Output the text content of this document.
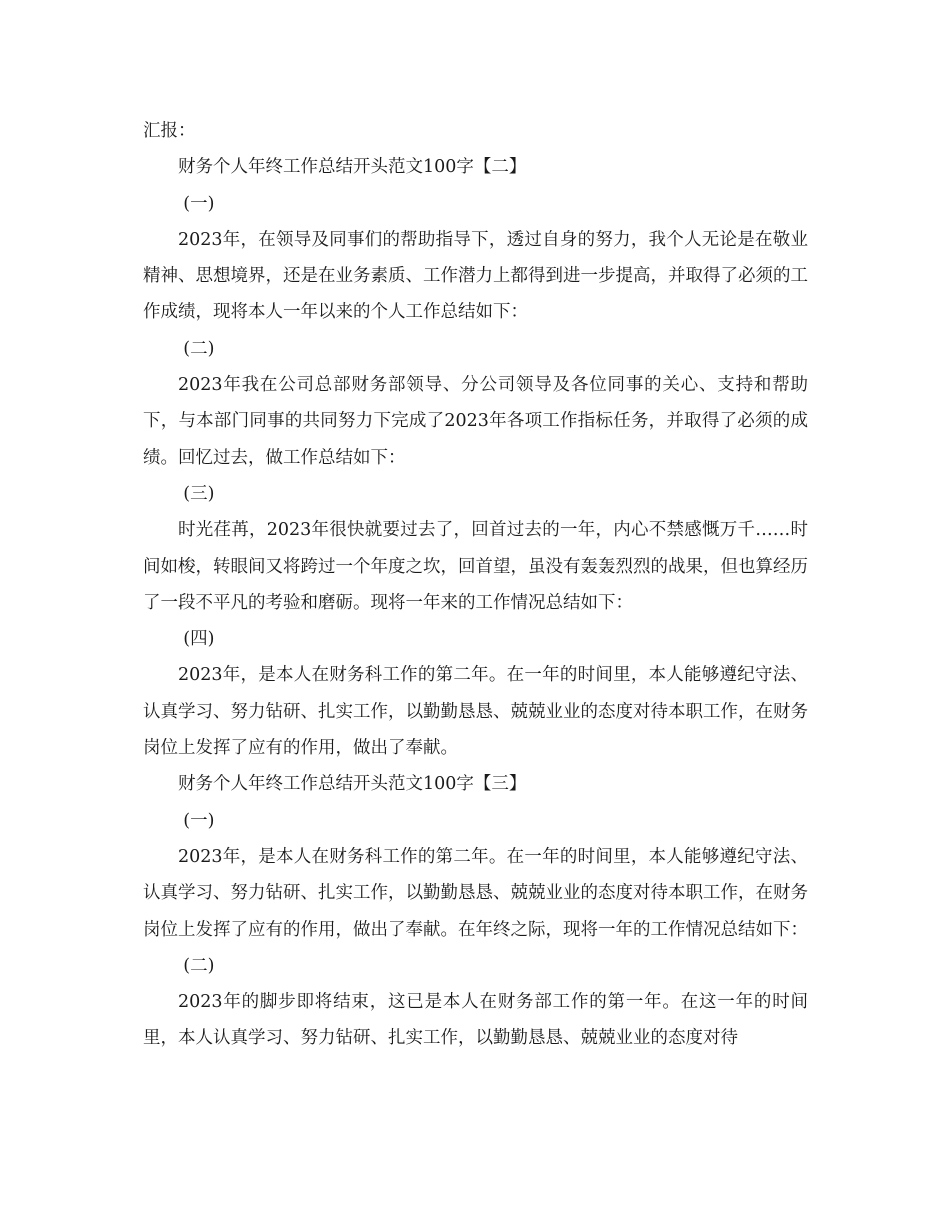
汇报：

财务个人年终工作总结开头范文100字【二】

(一)

2023年，在领导及同事们的帮助指导下，透过自身的努力，我个人无论是在敬业精神、思想境界，还是在业务素质、工作潜力上都得到进一步提高，并取得了必须的工作成绩，现将本人一年以来的个人工作总结如下：

(二)

2023年我在公司总部财务部领导、分公司领导及各位同事的关心、支持和帮助下，与本部门同事的共同努力下完成了2023年各项工作指标任务，并取得了必须的成绩。回忆过去，做工作总结如下：

(三)

时光荏苒，2023年很快就要过去了，回首过去的一年，内心不禁感慨万千……时间如梭，转眼间又将跨过一个年度之坎，回首望，虽没有轰轰烈烈的战果，但也算经历了一段不平凡的考验和磨砺。现将一年来的工作情况总结如下：

(四)

2023年，是本人在财务科工作的第二年。在一年的时间里，本人能够遵纪守法、认真学习、努力钻研、扎实工作，以勤勤恳恳、兢兢业业的态度对待本职工作，在财务岗位上发挥了应有的作用，做出了奉献。

财务个人年终工作总结开头范文100字【三】

(一)

2023年，是本人在财务科工作的第二年。在一年的时间里，本人能够遵纪守法、认真学习、努力钻研、扎实工作，以勤勤恳恳、兢兢业业的态度对待本职工作，在财务岗位上发挥了应有的作用，做出了奉献。在年终之际，现将一年的工作情况总结如下：

(二)

2023年的脚步即将结束，这已是本人在财务部工作的第一年。在这一年的时间里，本人认真学习、努力钻研、扎实工作，以勤勤恳恳、兢兢业业的态度对待
